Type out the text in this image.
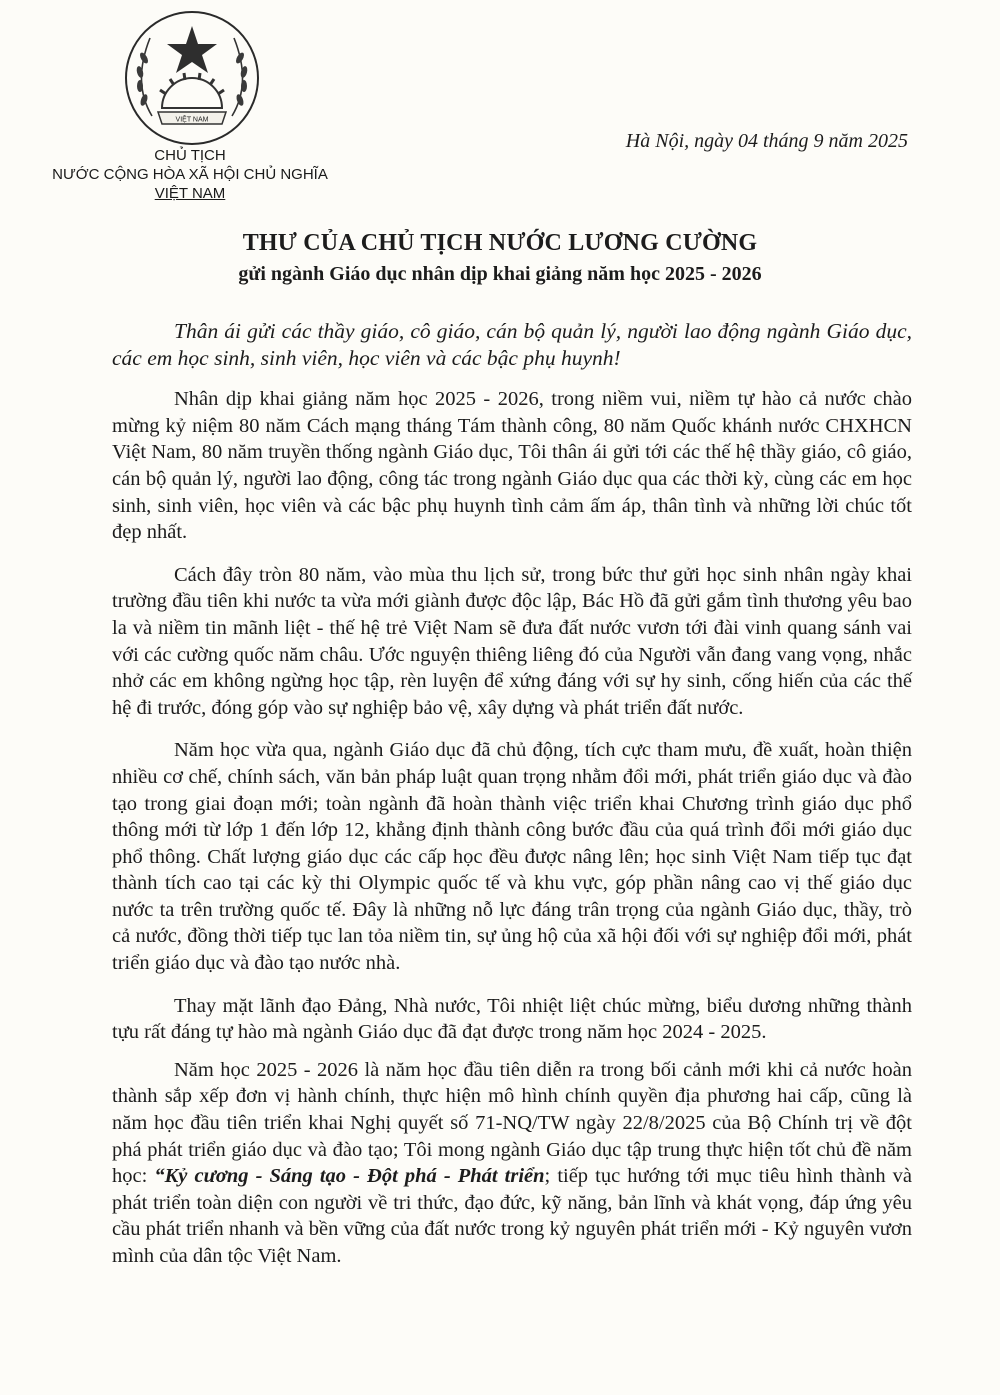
VIỆT NAM
CHỦ TỊCH
NƯỚC CỘNG HÒA XÃ HỘI CHỦ NGHĨA
VIỆT NAM
Hà Nội, ngày 04 tháng 9 năm 2025
THƯ CỦA CHỦ TỊCH NƯỚC LƯƠNG CƯỜNG
gửi ngành Giáo dục nhân dịp khai giảng năm học 2025 - 2026

Thân ái gửi các thầy giáo, cô giáo, cán bộ quản lý, người lao động ngành Giáo dục, các em học sinh, sinh viên, học viên và các bậc phụ huynh!

Nhân dịp khai giảng năm học 2025 - 2026, trong niềm vui, niềm tự hào cả nước chào mừng kỷ niệm 80 năm Cách mạng tháng Tám thành công, 80 năm Quốc khánh nước CHXHCN Việt Nam, 80 năm truyền thống ngành Giáo dục, Tôi thân ái gửi tới các thế hệ thầy giáo, cô giáo, cán bộ quản lý, người lao động, công tác trong ngành Giáo dục qua các thời kỳ, cùng các em học sinh, sinh viên, học viên và các bậc phụ huynh tình cảm ấm áp, thân tình và những lời chúc tốt đẹp nhất.

Cách đây tròn 80 năm, vào mùa thu lịch sử, trong bức thư gửi học sinh nhân ngày khai trường đầu tiên khi nước ta vừa mới giành được độc lập, Bác Hồ đã gửi gắm tình thương yêu bao la và niềm tin mãnh liệt - thế hệ trẻ Việt Nam sẽ đưa đất nước vươn tới đài vinh quang sánh vai với các cường quốc năm châu. Ước nguyện thiêng liêng đó của Người vẫn đang vang vọng, nhắc nhở các em không ngừng học tập, rèn luyện để xứng đáng với sự hy sinh, cống hiến của các thế hệ đi trước, đóng góp vào sự nghiệp bảo vệ, xây dựng và phát triển đất nước.

Năm học vừa qua, ngành Giáo dục đã chủ động, tích cực tham mưu, đề xuất, hoàn thiện nhiều cơ chế, chính sách, văn bản pháp luật quan trọng nhằm đổi mới, phát triển giáo dục và đào tạo trong giai đoạn mới; toàn ngành đã hoàn thành việc triển khai Chương trình giáo dục phổ thông mới từ lớp 1 đến lớp 12, khẳng định thành công bước đầu của quá trình đổi mới giáo dục phổ thông. Chất lượng giáo dục các cấp học đều được nâng lên; học sinh Việt Nam tiếp tục đạt thành tích cao tại các kỳ thi Olympic quốc tế và khu vực, góp phần nâng cao vị thế giáo dục nước ta trên trường quốc tế. Đây là những nỗ lực đáng trân trọng của ngành Giáo dục, thầy, trò cả nước, đồng thời tiếp tục lan tỏa niềm tin, sự ủng hộ của xã hội đối với sự nghiệp đổi mới, phát triển giáo dục và đào tạo nước nhà.

Thay mặt lãnh đạo Đảng, Nhà nước, Tôi nhiệt liệt chúc mừng, biểu dương những thành tựu rất đáng tự hào mà ngành Giáo dục đã đạt được trong năm học 2024 - 2025.

Năm học 2025 - 2026 là năm học đầu tiên diễn ra trong bối cảnh mới khi cả nước hoàn thành sắp xếp đơn vị hành chính, thực hiện mô hình chính quyền địa phương hai cấp, cũng là năm học đầu tiên triển khai Nghị quyết số 71-NQ/TW ngày 22/8/2025 của Bộ Chính trị về đột phá phát triển giáo dục và đào tạo; Tôi mong ngành Giáo dục tập trung thực hiện tốt chủ đề năm học: “Kỷ cương - Sáng tạo - Đột phá - Phát triển; tiếp tục hướng tới mục tiêu hình thành và phát triển toàn diện con người về tri thức, đạo đức, kỹ năng, bản lĩnh và khát vọng, đáp ứng yêu cầu phát triển nhanh và bền vững của đất nước trong kỷ nguyên phát triển mới - Kỷ nguyên vươn mình của dân tộc Việt Nam.
